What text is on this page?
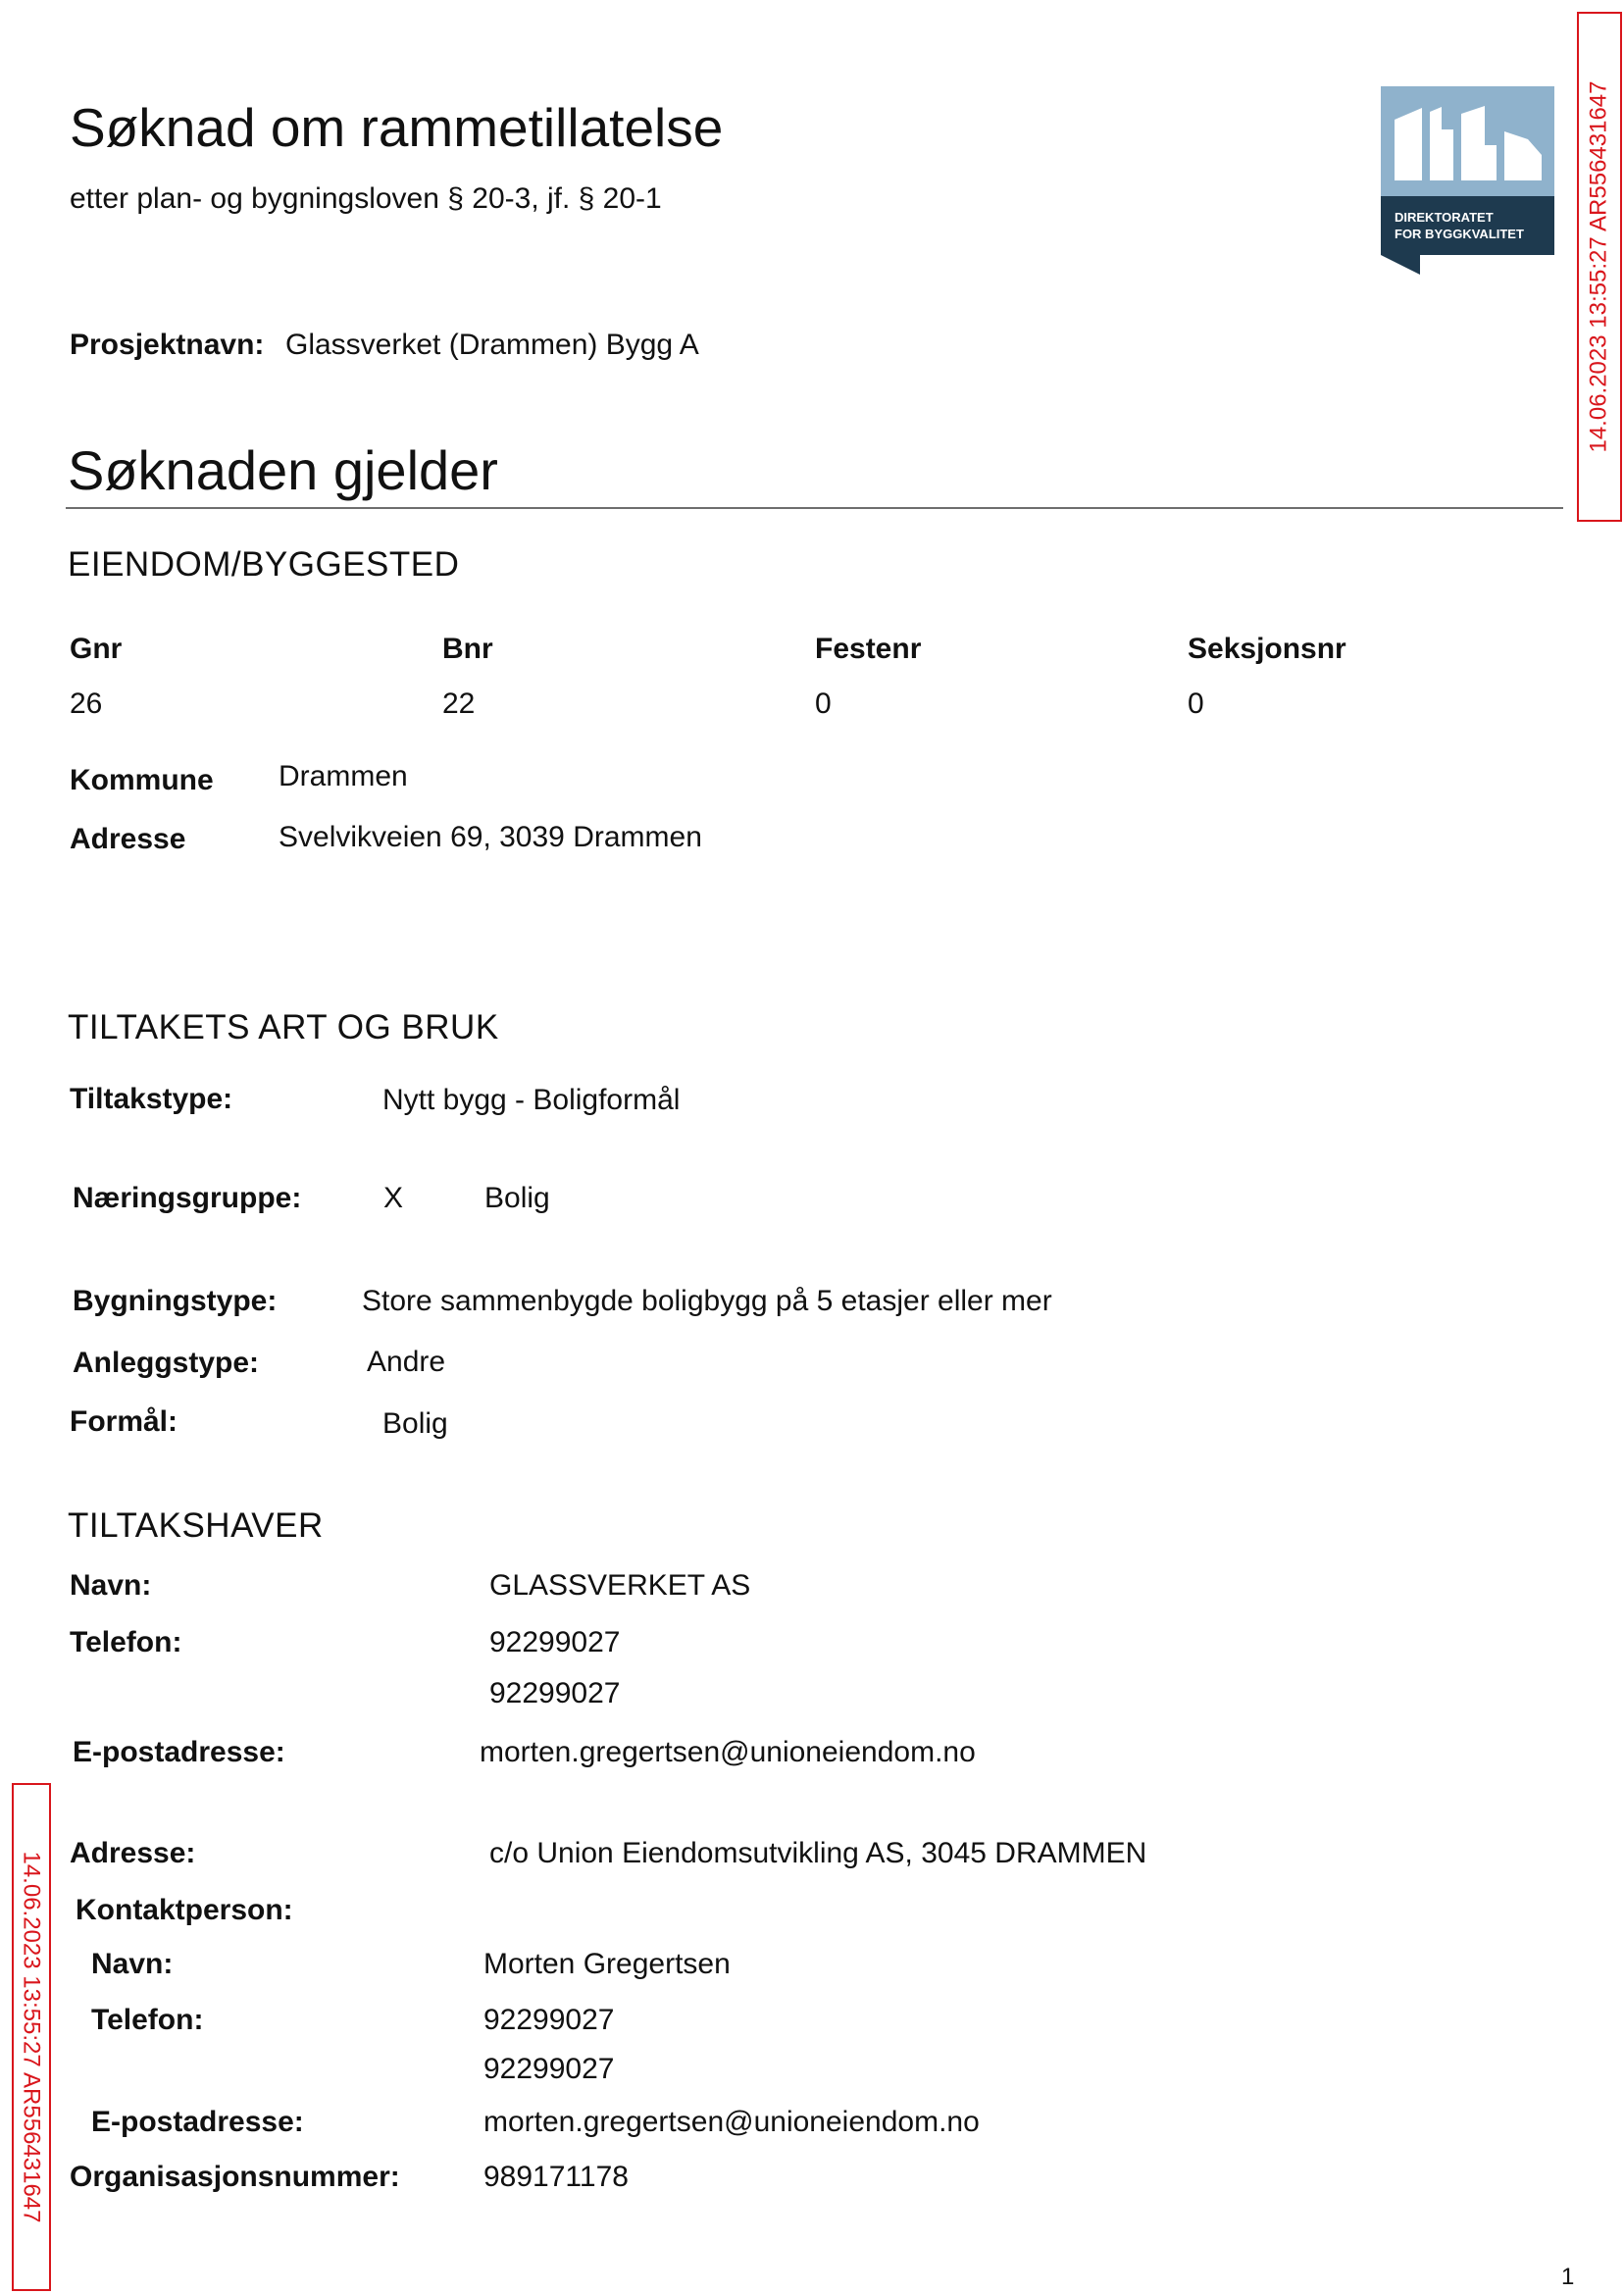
Søknad om rammetillatelse
etter plan- og bygningsloven § 20-3, jf. § 20-1
DIREKTORATET
FOR BYGGKVALITET	14.06.2023 13:55:27 AR556431647
Prosjektnavn: Glassverket (Drammen) Bygg A
Søknaden gjelder
EIENDOM/BYGGESTED
Gnr	Bnr	Festenr	Seksjonsnr
26	22	0	0
Kommune Drammen
Adresse	Svelvikveien 69, 3039 Drammen
TILTAKETS ART OG BRUK
Tiltakstype:	Nytt bygg - Boligformål
Næringsgruppe:	X	Bolig
Bygningstype:	Store sammenbygde boligbygg på 5 etasjer eller mer
Anleggstype:	Andre
Formål:	Bolig
TILTAKSHAVER
Navn:	GLASSVERKET AS
Telefon:	92299027
92299027
E-postadresse:	morten.gregertsen@unioneiendom.no
14.06.2023 13:55:27 AR556431647 Adresse:	c/o Union Eiendomsutvikling AS, 3045 DRAMMEN
Kontaktperson:
Navn:	Morten Gregertsen
Telefon:	92299027
92299027
E-postadresse:	morten.gregertsen@unioneiendom.no
Organisasjonsnummer:	989171178
1
